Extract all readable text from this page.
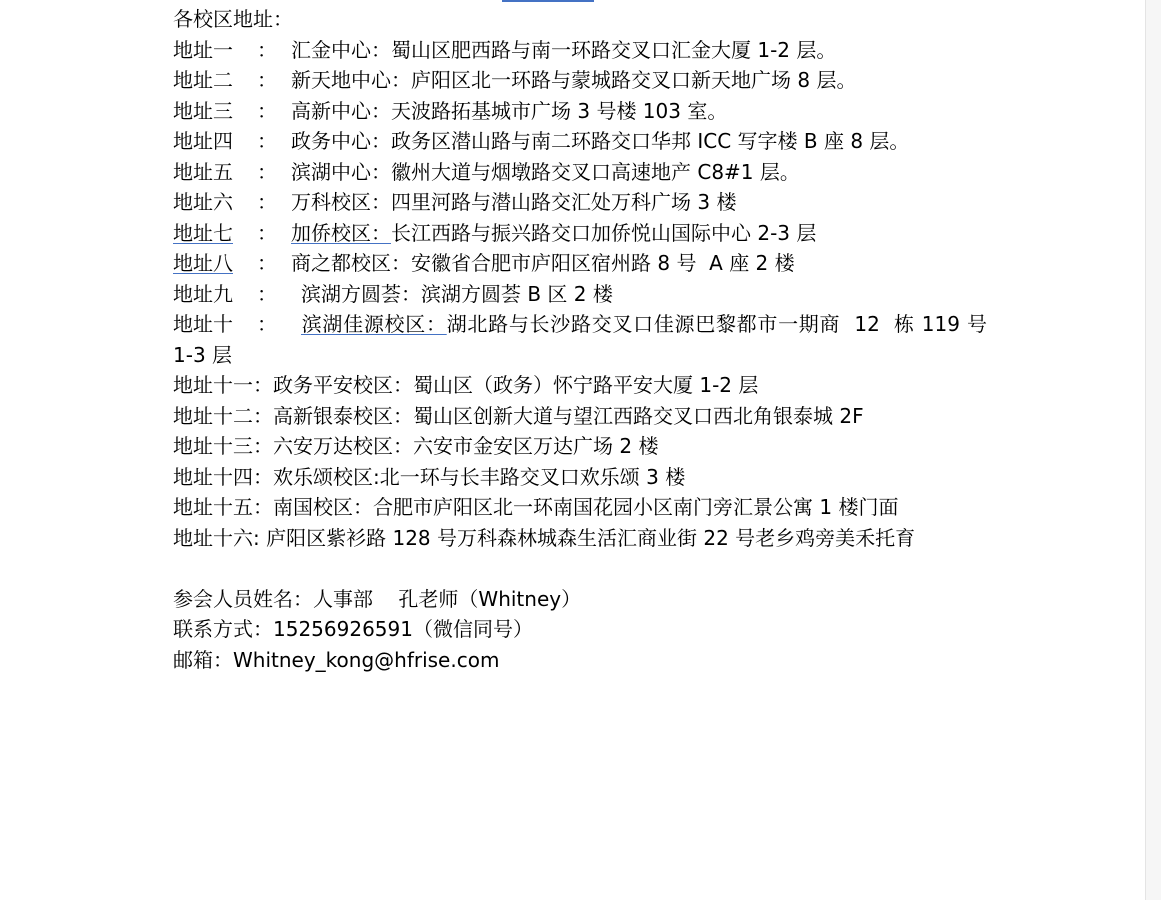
各校区地址：
地址一 ： 汇金中心：蜀山区肥西路与南一环路交叉口汇金大厦 1-2 层。
地址二 ： 新天地中心：庐阳区北一环路与蒙城路交叉口新天地广场 8 层。
地址三 ： 高新中心：天波路拓基城市广场 3 号楼 103 室。
地址四 ： 政务中心：政务区潜山路与南二环路交口华邦 ICC 写字楼 B 座 8 层。
地址五 ： 滨湖中心：徽州大道与烟墩路交叉口高速地产 C8#1 层。
地址六 ： 万科校区：四里河路与潜山路交汇处万科广场 3 楼
地址七 ： 加侨校区：长江西路与振兴路交口加侨悦山国际中心 2-3 层
地址八 ： 商之都校区：安徽省合肥市庐阳区宿州路 8 号  A 座 2 楼
地址九 ： 滨湖方圆荟：滨湖方圆荟 B 区 2 楼
地址十 ： 滨湖佳源校区：湖北路与长沙路交叉口佳源巴黎都市一期商  12  栋 119 号 1-3 层
地址十一：政务平安校区：蜀山区（政务）怀宁路平安大厦 1-2 层
地址十二：高新银泰校区：蜀山区创新大道与望江西路交叉口西北角银泰城 2F
地址十三：六安万达校区：六安市金安区万达广场 2 楼
地址十四：欢乐颂校区:北一环与长丰路交叉口欢乐颂 3 楼
地址十五：南国校区：合肥市庐阳区北一环南国花园小区南门旁汇景公寓 1 楼门面
地址十六: 庐阳区紫衫路 128 号万科森林城森生活汇商业街 22 号老乡鸡旁美禾托育
参会人员姓名：人事部    孔老师（Whitney）
联系方式：15256926591（微信同号）
邮箱：Whitney_kong@hfrise.com
